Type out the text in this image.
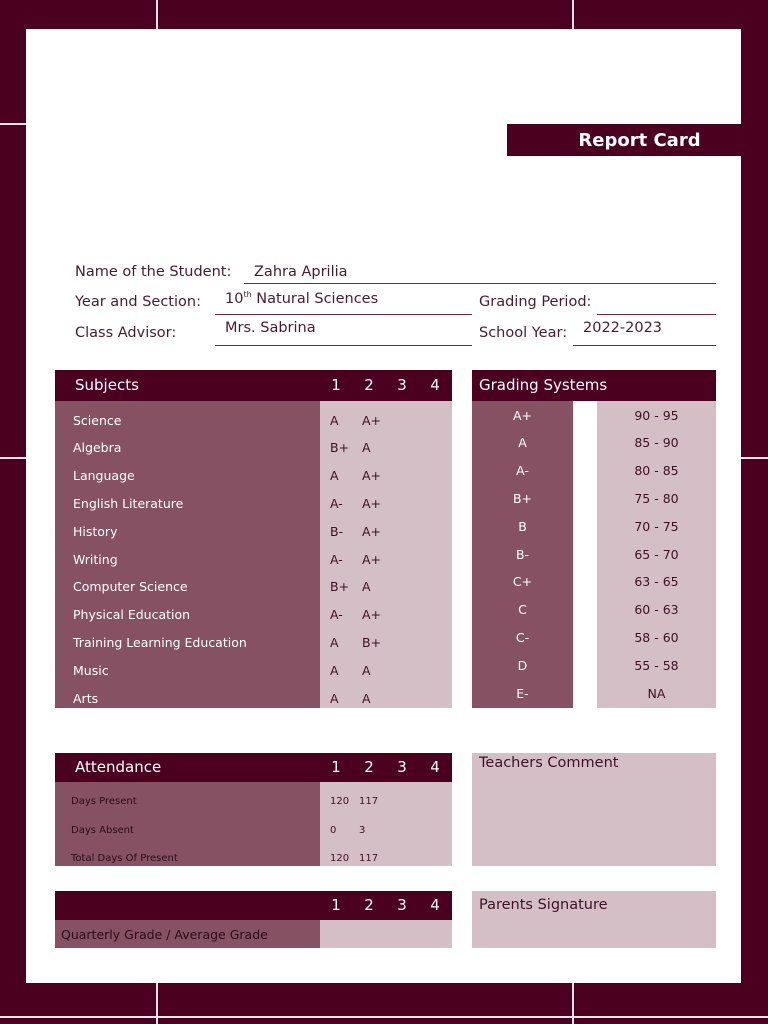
Report Card
Name of the Student: Zahra Aprilia
Year and Section: 10th Natural Sciences	Grading Period:
Class Advisor:	Mrs. Sabrina	School Year: 2022-2023
Subjects	1	2	3	4
Science	A A+
Algebra	B+ A
Language	A A+
English Literature	A- A+
History	B- A+
Writing	A- A+
Computer Science	B+ A
Physical Education	A- A+
Training Learning Education	A B+
Music	A A
Arts	A A
Grading Systems
A+	90 - 95
A	85 - 90
A-	80 - 85
B+	75 - 80
B	70 - 75
B-	65 - 70
C+	63 - 65
C	60 - 63
C-	58 - 60
D	55 - 58
E-	NA
Attendance	1	2	3	4
Days Present	120 117
Days Absent	0 3
Total Days Of Present	120 117
Teachers Comment
1	2	3	4
Quarterly Grade / Average Grade
Parents Signature
